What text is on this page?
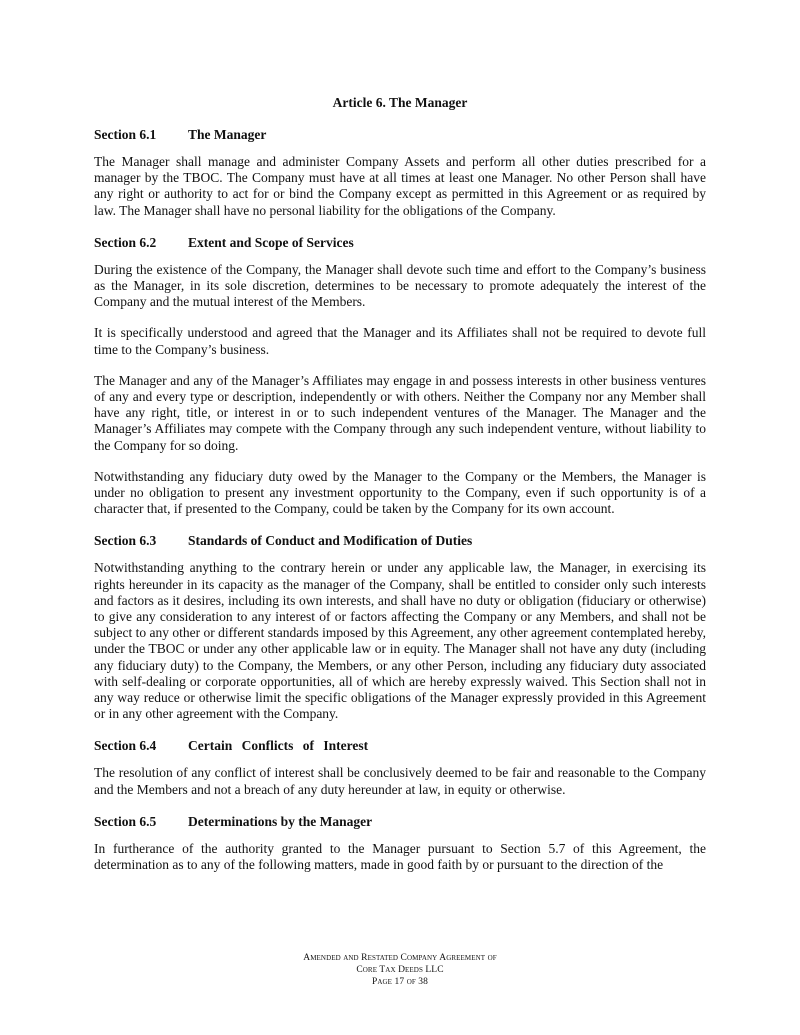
Article 6. The Manager
Section 6.1	The Manager

The Manager shall manage and administer Company Assets and perform all other duties prescribed for a manager by the TBOC. The Company must have at all times at least one Manager. No other Person shall have any right or authority to act for or bind the Company except as permitted in this Agreement or as required by law. The Manager shall have no personal liability for the obligations of the Company.

Section 6.2	Extent and Scope of Services

During the existence of the Company, the Manager shall devote such time and effort to the Company’s business as the Manager, in its sole discretion, determines to be necessary to promote adequately the interest of the Company and the mutual interest of the Members.

It is specifically understood and agreed that the Manager and its Affiliates shall not be required to devote full time to the Company’s business.

The Manager and any of the Manager’s Affiliates may engage in and possess interests in other business ventures of any and every type or description, independently or with others. Neither the Company nor any Member shall have any right, title, or interest in or to such independent ventures of the Manager. The Manager and the Manager’s Affiliates may compete with the Company through any such independent venture, without liability to the Company for so doing.

Notwithstanding any fiduciary duty owed by the Manager to the Company or the Members, the Manager is under no obligation to present any investment opportunity to the Company, even if such opportunity is of a character that, if presented to the Company, could be taken by the Company for its own account.

Section 6.3	Standards of Conduct and Modification of Duties

Notwithstanding anything to the contrary herein or under any applicable law, the Manager, in exercising its rights hereunder in its capacity as the manager of the Company, shall be entitled to consider only such interests and factors as it desires, including its own interests, and shall have no duty or obligation (fiduciary or otherwise) to give any consideration to any interest of or factors affecting the Company or any Members, and shall not be subject to any other or different standards imposed by this Agreement, any other agreement contemplated hereby, under the TBOC or under any other applicable law or in equity. The Manager shall not have any duty (including any fiduciary duty) to the Company, the Members, or any other Person, including any fiduciary duty associated with self-dealing or corporate opportunities, all of which are hereby expressly waived. This Section shall not in any way reduce or otherwise limit the specific obligations of the Manager expressly provided in this Agreement or in any other agreement with the Company.

Section 6.4	Certain Conflicts of Interest

The resolution of any conflict of interest shall be conclusively deemed to be fair and reasonable to the Company and the Members and not a breach of any duty hereunder at law, in equity or otherwise.

Section 6.5	Determinations by the Manager

In furtherance of the authority granted to the Manager pursuant to Section 5.7 of this Agreement, the determination as to any of the following matters, made in good faith by or pursuant to the direction of the

Amended and Restated Company Agreement of
Core Tax Deeds LLC
Page 17 of 38
